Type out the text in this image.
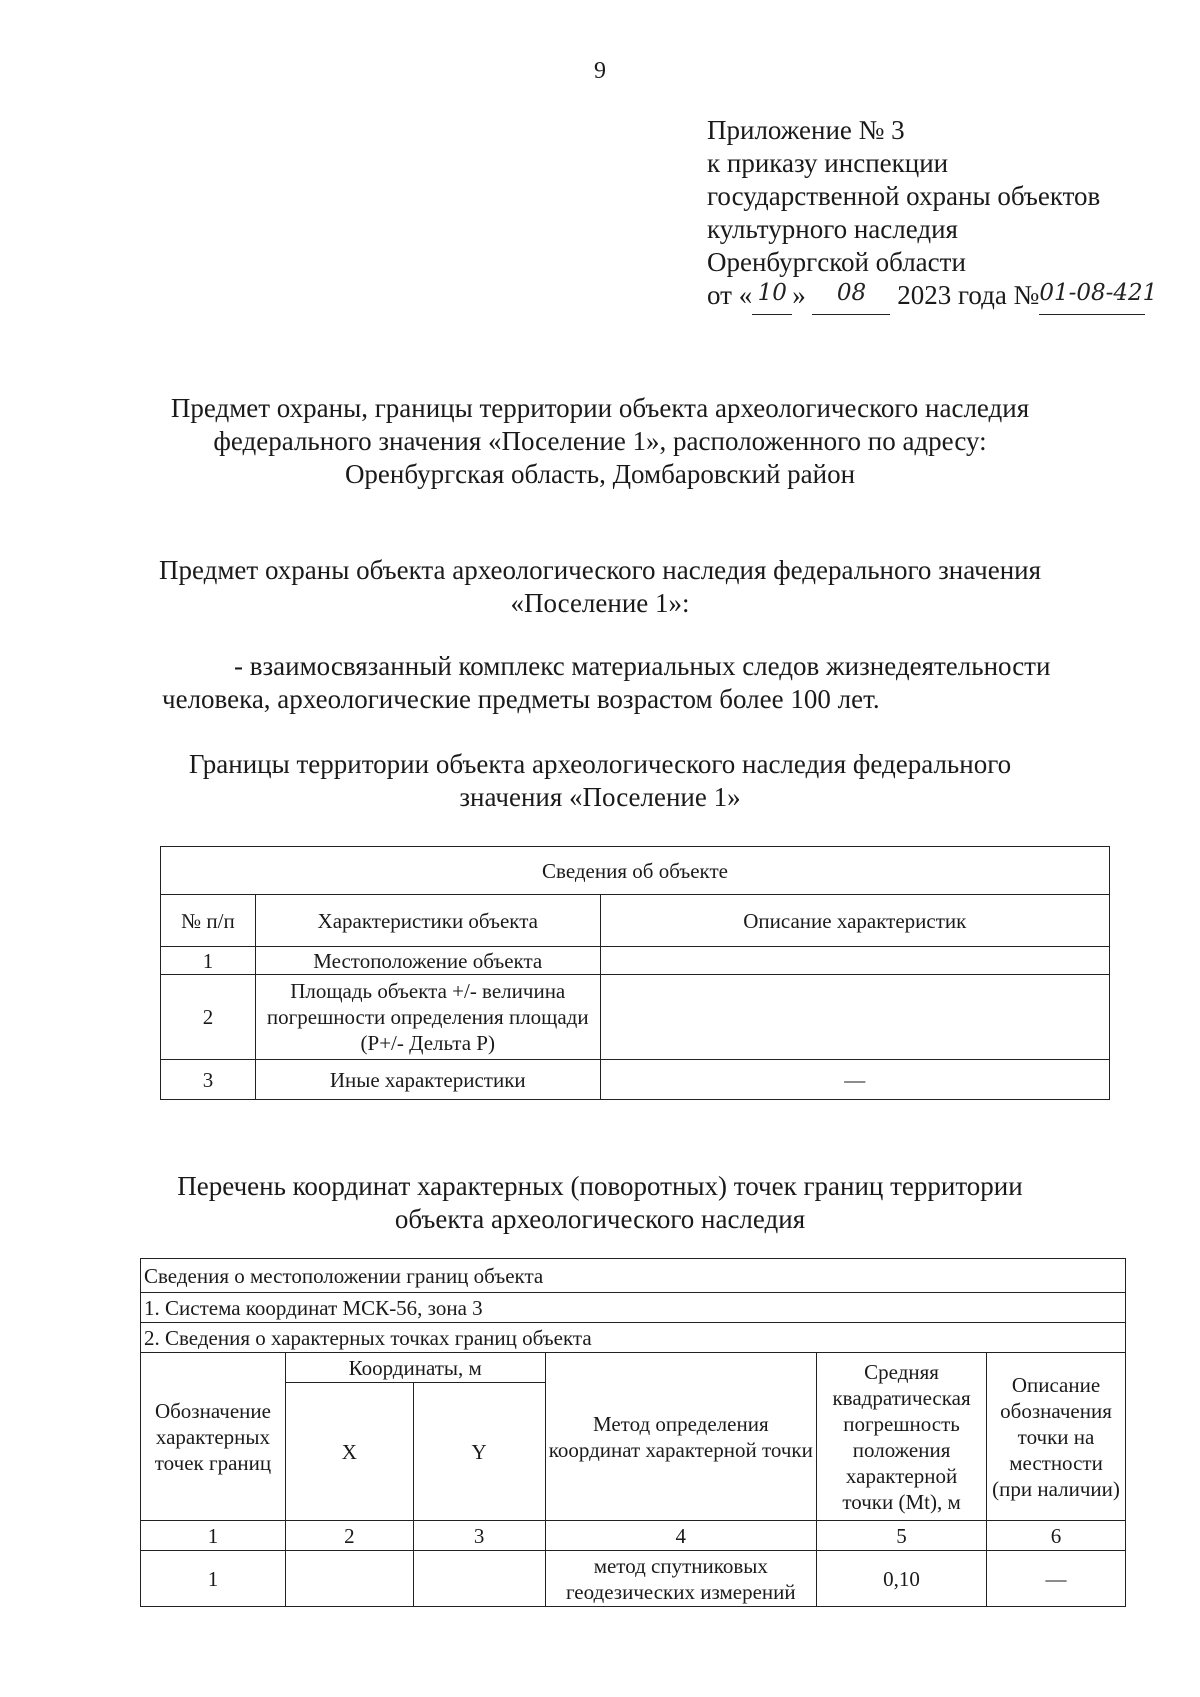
9
Приложение № 3
к приказу инспекции
государственной охраны объектов
культурного наследия
Оренбургской области
от « 10 » 08 2023 года №01-08-421
Предмет охраны, границы территории объекта археологического наследия
федерального значения «Поселение 1», расположенного по адресу:
Оренбургская область, Домбаровский район
Предмет охраны объекта археологического наследия федерального значения
«Поселение 1»:
- взаимосвязанный комплекс материальных следов жизнедеятельности
человека, археологические предметы возрастом более 100 лет.
Границы территории объекта археологического наследия федерального
значения «Поселение 1»
Сведения об объекте		
№ п/п	Характеристики объекта	Описание характеристик
1	Местоположение объекта	
2	Площадь объекта +/- величина погрешности определения площади (Р+/- Дельта Р)	
3	Иные характеристики	—
Перечень координат характерных (поворотных) точек границ территории
объекта археологического наследия
Сведения о местоположении границ объекта					
1. Система координат МСК-56, зона 3					
2. Сведения о характерных точках границ объекта					
Обозначение характерных точек границ	Координаты, м		Метод определения координат характерной точки	Средняя квадратическая погрешность положения характерной точки (Mt), м	Описание обозначения точки на местности (при наличии)
	X	Y			
1	2	3	4	5	6
1			метод спутниковых геодезических измерений	0,10	—
